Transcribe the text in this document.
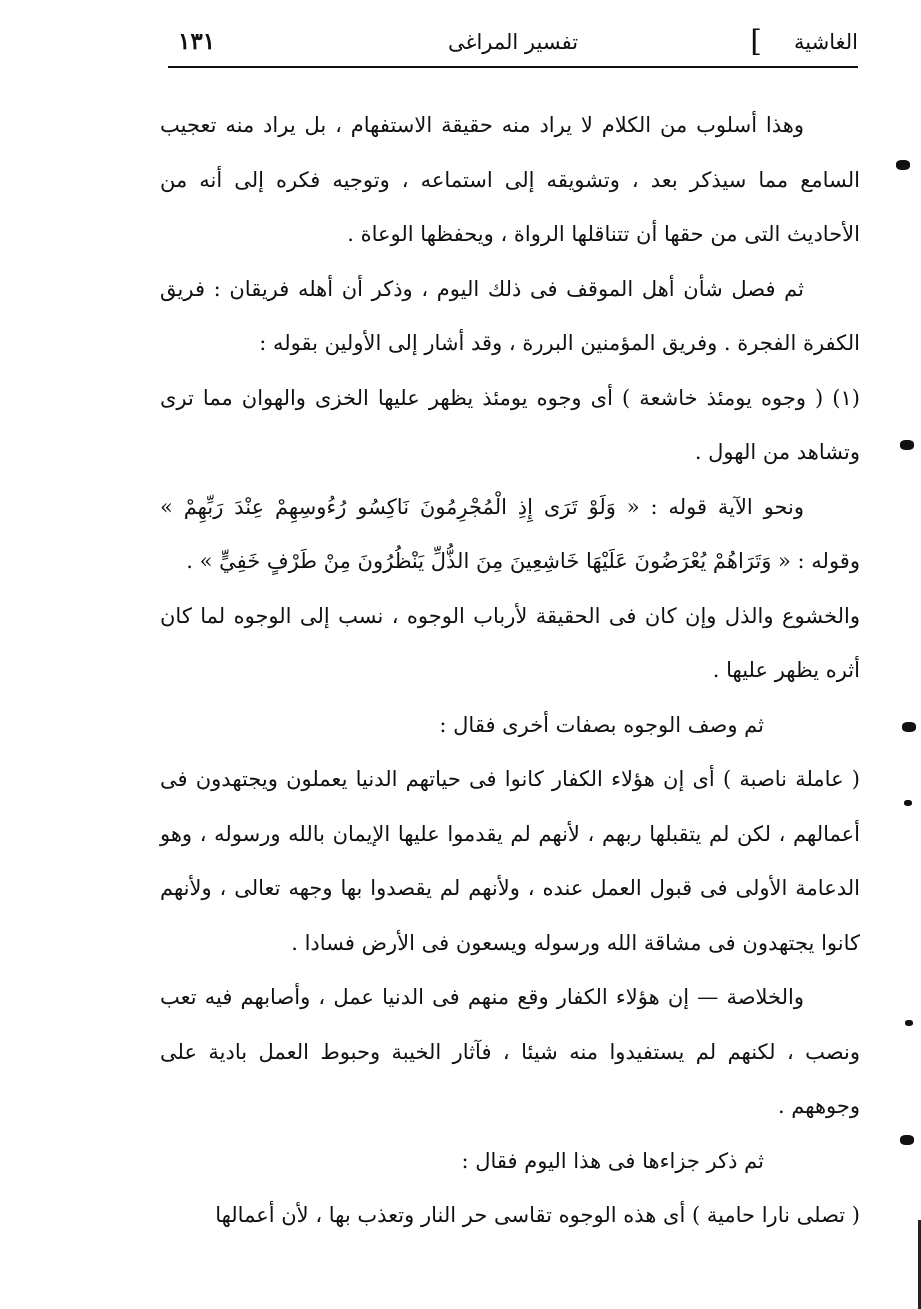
الغاشية
]
تفسير المراغى
١٣١

وهذا أسلوب من الكلام لا يراد منه حقيقة الاستفهام ، بل يراد منه تعجيب السامع مما سيذكر بعد ، وتشويقه إلى استماعه ، وتوجيه فكره إلى أنه من الأحاديث التى من حقها أن تتناقلها الرواة ، ويحفظها الوعاة .

ثم فصل شأن أهل الموقف فى ذلك اليوم ، وذكر أن أهله فريقان : فريق الكفرة الفجرة . وفريق المؤمنين البررة ، وقد أشار إلى الأولين بقوله :

(١) ( وجوه يومئذ خاشعة ) أى وجوه يومئذ يظهر عليها الخزى والهوان مما ترى وتشاهد من الهول .

ونحو الآية قوله : « وَلَوْ تَرَى إِذِ الْمُجْرِمُونَ نَاكِسُو رُءُوسِهِمْ عِنْدَ رَبِّهِمْ » وقوله : « وَتَرَاهُمْ يُعْرَضُونَ عَلَيْهَا خَاشِعِينَ مِنَ الذُّلِّ يَنْظُرُونَ مِنْ طَرْفٍ خَفِيٍّ » .

والخشوع والذل وإن كان فى الحقيقة لأرباب الوجوه ، نسب إلى الوجوه لما كان أثره يظهر عليها .

ثم وصف الوجوه بصفات أخرى فقال :

( عاملة ناصبة ) أى إن هؤلاء الكفار كانوا فى حياتهم الدنيا يعملون ويجتهدون فى أعمالهم ، لكن لم يتقبلها ربهم ، لأنهم لم يقدموا عليها الإيمان بالله ورسوله ، وهو الدعامة الأولى فى قبول العمل عنده ، ولأنهم لم يقصدوا بها وجهه تعالى ، ولأنهم كانوا يجتهدون فى مشاقة الله ورسوله ويسعون فى الأرض فسادا .

والخلاصة — إن هؤلاء الكفار وقع منهم فى الدنيا عمل ، وأصابهم فيه تعب ونصب ، لكنهم لم يستفيدوا منه شيئا ، فآثار الخيبة وحبوط العمل بادية على وجوههم .

ثم ذكر جزاءها فى هذا اليوم فقال :

( تصلى نارا حامية ) أى هذه الوجوه تقاسى حر النار وتعذب بها ، لأن أعمالها
